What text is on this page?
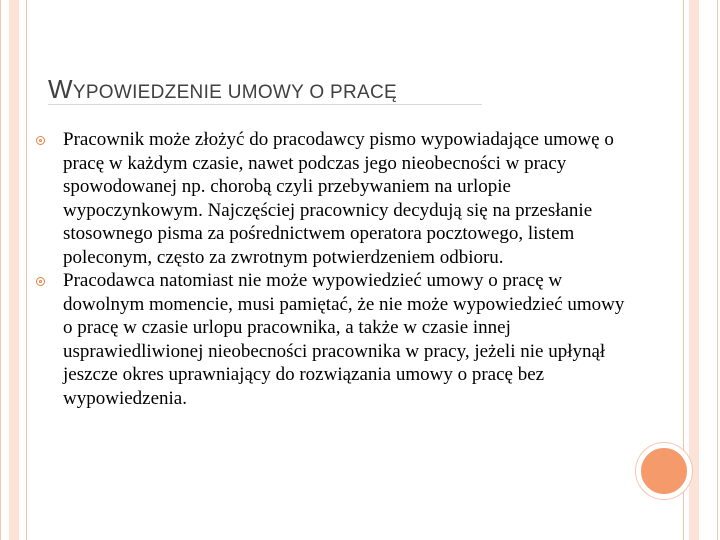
WYPOWIEDZENIE UMOWY O PRACĘ
Pracownik może złożyć do pracodawcy pismo wypowiadające umowę o pracę w każdym czasie, nawet podczas jego nieobecności w pracy spowodowanej np. chorobą czyli przebywaniem na urlopie wypoczynkowym. Najczęściej pracownicy decydują się na przesłanie stosownego pisma za pośrednictwem operatora pocztowego, listem poleconym, często za zwrotnym potwierdzeniem odbioru.
Pracodawca natomiast nie może wypowiedzieć umowy o pracę w dowolnym momencie, musi pamiętać, że nie może wypowiedzieć umowy o pracę w czasie urlopu pracownika, a także w czasie innej usprawiedliwionej nieobecności pracownika w pracy, jeżeli nie upłynął jeszcze okres uprawniający do rozwiązania umowy o pracę bez wypowiedzenia.
